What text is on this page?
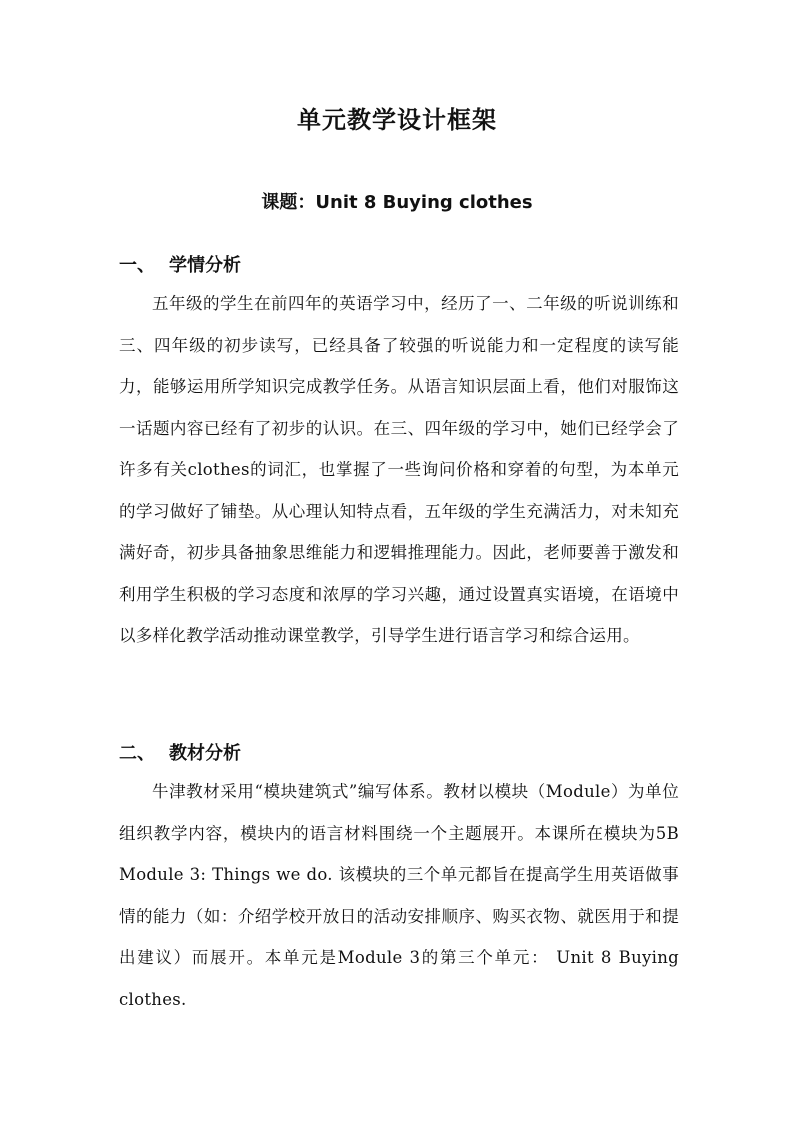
单元教学设计框架
课题：Unit 8 Buying clothes
一、 学情分析
五年级的学生在前四年的英语学习中，经历了一、二年级的听说训练和三、四年级的初步读写，已经具备了较强的听说能力和一定程度的读写能力，能够运用所学知识完成教学任务。从语言知识层面上看，他们对服饰这一话题内容已经有了初步的认识。在三、四年级的学习中，她们已经学会了许多有关clothes的词汇，也掌握了一些询问价格和穿着的句型，为本单元的学习做好了铺垫。从心理认知特点看，五年级的学生充满活力，对未知充满好奇，初步具备抽象思维能力和逻辑推理能力。因此，老师要善于激发和利用学生积极的学习态度和浓厚的学习兴趣，通过设置真实语境，在语境中以多样化教学活动推动课堂教学，引导学生进行语言学习和综合运用。
二、 教材分析
牛津教材采用“模块建筑式”编写体系。教材以模块（Module）为单位组织教学内容，模块内的语言材料围绕一个主题展开。本课所在模块为5B Module 3: Things we do. 该模块的三个单元都旨在提高学生用英语做事情的能力（如：介绍学校开放日的活动安排顺序、购买衣物、就医用于和提出建议）而展开。本单元是Module 3的第三个单元： Unit 8 Buying clothes.
